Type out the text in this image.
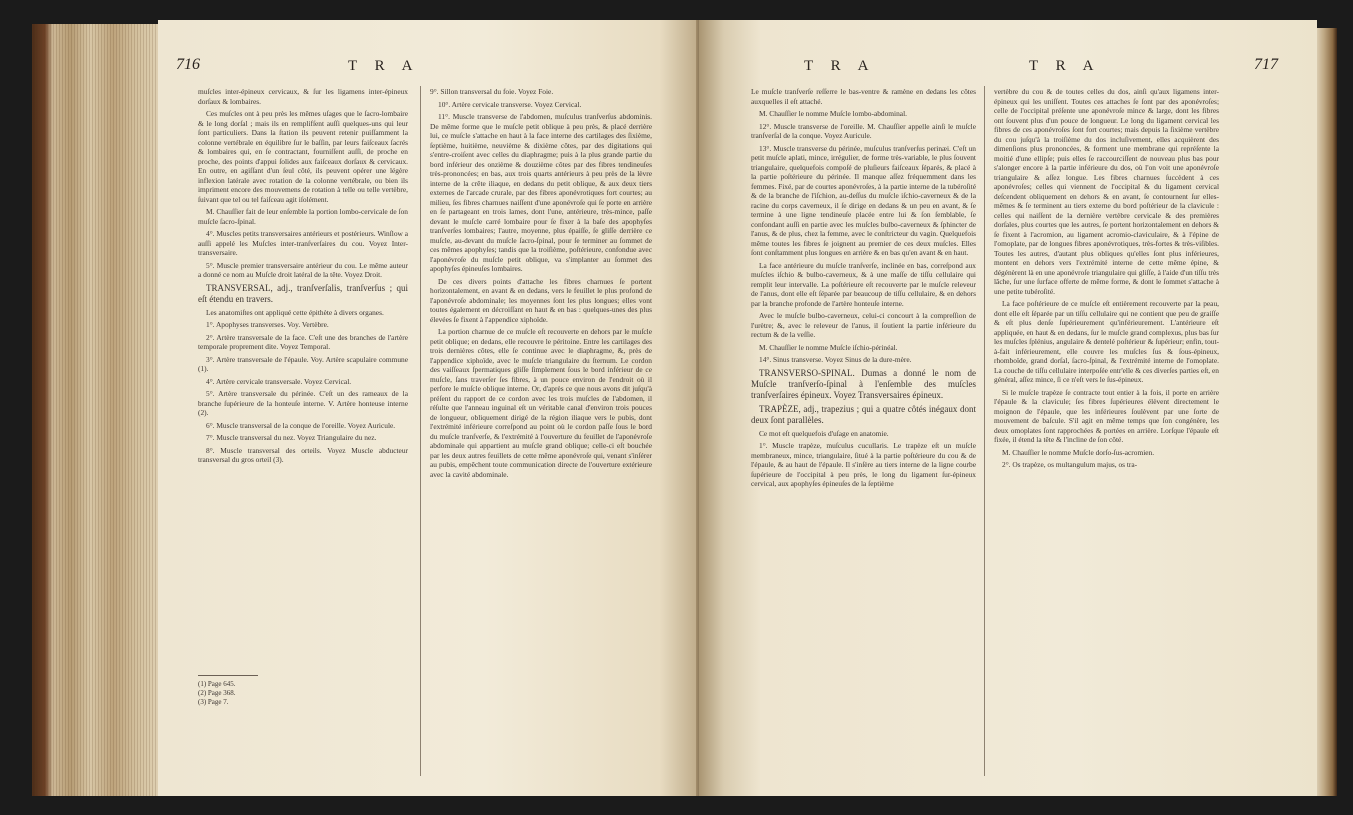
716	T R A

muſcles inter-épineux cervicaux, & ſur les ligamens inter-épineux dorſaux & lombaires.

Ces muſcles ont à peu près les mêmes uſages que le ſacro-lombaire & le long dorſal ; mais ils en remplifſent auſſi quelques-uns qui leur ſont particuliers. Dans la ſtation ils peuvent retenir puiſſamment la colonne vertébrale en équilibre ſur le baſſin, par leurs faiſceaux ſacrés & lombaires qui, en ſe contractant, fourniſſent auſſi, de proche en proche, des points d'appui ſolides aux faiſceaux dorſaux & cervicaux. En outre, en agiſſant d'un ſeul côté, ils peuvent opérer une légère inflexion latérale avec rotation de la colonne vertébrale, ou bien ils impriment encore des mouvemens de rotation à telle ou telle vertèbre, ſuivant que tel ou tel faiſceau agit iſolément.

M. Chauſſier fait de leur enſemble la portion lombo-cervicale de ſon muſcle ſacro-ſpinal.

4°. Muscles petits transversaires antérieurs et postérieurs. Winſlow a auſſi appelé les Muſcles inter-tranſverſaires du cou. Voyez Inter-transversaire.

5°. Muscle premier transversaire antérieur du cou. Le même auteur a donné ce nom au Muſcle droit latéral de la tête. Voyez Droit.

TRANSVERSAL, adj., tranſverſalis, tranſverſus ; qui eſt étendu en travers.

Les anatomiſtes ont appliqué cette épithète à divers organes.

1°. Apophyses transverses. Voy. Vertèbre.

2°. Artère transversale de la face. C'eſt une des branches de l'artère temporale proprement dite. Voyez Temporal.

3°. Artère transversale de l'épaule. Voy. Artère scapulaire commune (1).

4°. Artère cervicale transversale. Voyez Cervical.

5°. Artère transversale du périnée. C'eſt un des rameaux de la branche ſupérieure de la honteuſe interne. V. Artère honteuse interne (2).

6°. Muscle transversal de la conque de l'oreille. Voyez Auricule.

7°. Muscle transversal du nez. Voyez Triangulaire du nez.

8°. Muscle transversal des orteils. Voyez Muscle abducteur transversal du gros orteil (3).

(1) Page 645.
(2) Page 368.
(3) Page 7.

9°. Sillon transversal du foie. Voyez Foie.

10°. Artère cervicale transverse. Voyez Cervical.

11°. Muscle transverse de l'abdomen, muſculus tranſverſus abdominis. De même forme que le muſcle petit oblique à peu près, & placé derrière lui, ce muſcle s'attache en haut à la face interne des cartilages des ſixième, ſeptième, huitième, neuvième & dixième côtes, par des digitations qui s'entre-croiſent avec celles du diaphragme; puis à la plus grande partie du bord inférieur des onzième & douzième côtes par des fibres tendineuſes très-prononcées; en bas, aux trois quarts antérieurs à peu près de la lèvre interne de la crête iliaque, en dedans du petit oblique, & aux deux tiers externes de l'arcade crurale, par des fibres aponévrotiques fort courtes; au milieu, ſes fibres charnues naiſſent d'une aponévroſe qui ſe porte en arrière en ſe partageant en trois lames, dont l'une, antérieure, très-mince, paſſe devant le muſcle carré lombaire pour ſe fixer à la baſe des apophyſes tranſverſes lombaires; l'autre, moyenne, plus épaiſſe, ſe gliſſe derrière ce muſcle, au-devant du muſcle ſacro-ſpinal, pour ſe terminer au ſommet de ces mêmes apophyſes; tandis que la troiſième, poſtérieure, confondue avec l'aponévroſe du muſcle petit oblique, va s'implanter au ſommet des apophyſes épineuſes lombaires.

De ces divers points d'attache les fibres charnues ſe portent horizontalement, en avant & en dedans, vers le feuillet le plus profond de l'aponévroſe abdominale; les moyennes ſont les plus longues; elles vont toutes également en décroiſſant en haut & en bas : quelques-unes des plus élevées ſe fixent à l'appendice xiphoïde.

La portion charnue de ce muſcle eſt recouverte en dehors par le muſcle petit oblique; en dedans, elle recouvre le péritoine. Entre les cartilages des trois dernières côtes, elle ſe continue avec le diaphragme, &, près de l'appendice xiphoïde, avec le muſcle triangulaire du ſternum. Le cordon des vaiſſeaux ſpermatiques gliſſe ſimplement ſous le bord inférieur de ce muſcle, ſans traverſer ſes fibres, à un pouce environ de l'endroit où il perfore le muſcle oblique interne. Or, d'après ce que nous avons dit juſqu'à préſent du rapport de ce cordon avec les trois muſcles de l'abdomen, il réſulte que l'anneau inguinal eſt un véritable canal d'environ trois pouces de longueur, obliquement dirigé de la région iliaque vers le pubis, dont l'extrémité inférieure correſpond au point où le cordon paſſe ſous le bord du muſcle tranſverſe, & l'extrémité à l'ouverture du feuillet de l'aponévroſe abdominale qui appartient au muſcle grand oblique; celle-ci eſt bouchée par les deux autres feuillets de cette même aponévroſe qui, venant s'inſérer au pubis, empêchent toute communication directe de l'ouverture extérieure avec la cavité abdominale.

T R A	T R A	717

Le muſcle tranſverſe reſſerre le bas-ventre & ramène en dedans les côtes auxquelles il eſt attaché.

M. Chauſſier le nomme Muſcle lombo-abdominal.

12°. Muscle transverse de l'oreille. M. Chauſſier appelle ainſi le muſcle tranſverſal de la conque. Voyez Auricule.

13°. Muscle transverse du périnée, muſculus tranſverſus perinæi. C'eſt un petit muſcle aplati, mince, irrégulier, de forme très-variable, le plus ſouvent triangulaire, quelquefois compoſé de pluſieurs faiſceaux ſéparés, & placé à la partie poſtérieure du périnée. Il manque aſſez fréquemment dans les femmes. Fixé, par de courtes aponévroſes, à la partie interne de la tubéroſité & de la branche de l'iſchion, au-deſſus du muſcle iſchio-caverneux & de la racine du corps caverneux, il ſe dirige en dedans & un peu en avant, & ſe termine à une ligne tendineuſe placée entre lui & ſon ſemblable, ſe confondant auſſi en partie avec les muſcles bulbo-caverneux & ſphincter de l'anus, & de plus, chez la femme, avec le conſtricteur du vagin. Quelquefois même toutes les fibres ſe joignent au premier de ces deux muſcles. Elles ſont conſtamment plus longues en arrière & en bas qu'en avant & en haut.

La face antérieure du muſcle tranſverſe, inclinée en bas, correſpond aux muſcles iſchio & bulbo-caverneux, & à une maſſe de tiſſu cellulaire qui remplit leur intervalle. La poſtérieure eſt recouverte par le muſcle releveur de l'anus, dont elle eſt ſéparée par beaucoup de tiſſu cellulaire, & en dehors par la branche profonde de l'artère honteuſe interne.

Avec le muſcle bulbo-caverneux, celui-ci concourt à la compreſſion de l'urètre; &, avec le releveur de l'anus, il ſoutient la partie inférieure du rectum & de la veſſie.

M. Chauſſier le nomme Muſcle iſchio-périnéal.

14°. Sinus transverse. Voyez Sinus de la dure-mère.

TRANSVERSO-SPINAL. Dumas a donné le nom de Muſcle tranſverſo-ſpinal à l'enſemble des muſcles tranſverſaires épineux. Voyez Transversaires épineux.

TRAPÈZE, adj., trapezius ; qui a quatre côtés inégaux dont deux ſont parallèles.

Ce mot eſt quelquefois d'uſage en anatomie.

1°. Muscle trapèze, muſculus cucullaris. Le trapèze eſt un muſcle membraneux, mince, triangulaire, ſitué à la partie poſtérieure du cou & de l'épaule, & au haut de l'épaule. Il s'inſère au tiers interne de la ligne courbe ſupérieure de l'occipital à peu près, le long du ligament ſur-épineux cervical, aux apophyſes épineuſes de la ſeptième

vertèbre du cou & de toutes celles du dos, ainſi qu'aux ligamens inter-épineux qui les uniſſent. Toutes ces attaches ſe ſont par des aponévroſes; celle de l'occipital préſente une aponévroſe mince & large, dont les fibres ont ſouvent plus d'un pouce de longueur. Le long du ligament cervical les fibres de ces aponévroſes ſont fort courtes; mais depuis la ſixième vertèbre du cou juſqu'à la troiſième du dos incluſivement, elles acquièrent des dimenſions plus prononcées, & forment une membrane qui repréſente la moitié d'une ellipſe; puis elles ſe raccourciſſent de nouveau plus bas pour s'alonger encore à la partie inférieure du dos, où l'on voit une aponévroſe triangulaire & aſſez longue. Les fibres charnues ſuccèdent à ces aponévroſes; celles qui viennent de l'occipital & du ligament cervical deſcendent obliquement en dehors & en avant, ſe contournent ſur elles-mêmes & ſe terminent au tiers externe du bord poſtérieur de la clavicule : celles qui naiſſent de la dernière vertèbre cervicale & des premières dorſales, plus courtes que les autres, ſe portent horizontalement en dehors & ſe fixent à l'acromion, au ligament acromio-claviculaire, & à l'épine de l'omoplate, par de longues fibres aponévrotiques, très-fortes & très-viſibles. Toutes les autres, d'autant plus obliques qu'elles ſont plus inférieures, montent en dehors vers l'extrémité interne de cette même épine, & dégénèrent là en une aponévroſe triangulaire qui gliſſe, à l'aide d'un tiſſu très lâche, ſur une ſurface offerte de même forme, & dont le ſommet s'attache à une petite tubéroſité.

La face poſtérieure de ce muſcle eſt entièrement recouverte par la peau, dont elle eſt ſéparée par un tiſſu cellulaire qui ne contient que peu de graiſſe & eſt plus denſe ſupérieurement qu'inférieurement. L'antérieure eſt appliquée, en haut & en dedans, ſur le muſcle grand complexus, plus bas ſur les muſcles ſplénius, angulaire & dentelé poſtérieur & ſupérieur; enfin, tout-à-fait inférieurement, elle couvre les muſcles ſus & ſous-épineux, rhomboïde, grand dorſal, ſacro-ſpinal, & l'extrémité interne de l'omoplate. La couche de tiſſu cellulaire interpoſée entr'elle & ces diverſes parties eſt, en général, aſſez mince, ſi ce n'eſt vers le ſus-épineux.

Si le muſcle trapèze ſe contracte tout entier à la fois, il porte en arrière l'épaule & la clavicule; ſes fibres ſupérieures élèvent directement le moignon de l'épaule, que les inférieures ſoulèvent par une ſorte de mouvement de baſcule. S'il agit en même temps que ſon congénère, les deux omoplates ſont rapprochées & portées en arrière. Lorſque l'épaule eſt fixée, il étend la tête & l'incline de ſon côté.

M. Chauſſier le nomme Muſcle dorſo-ſus-acromien.

2°. Os trapèze, os multangulum majus, os tra-
